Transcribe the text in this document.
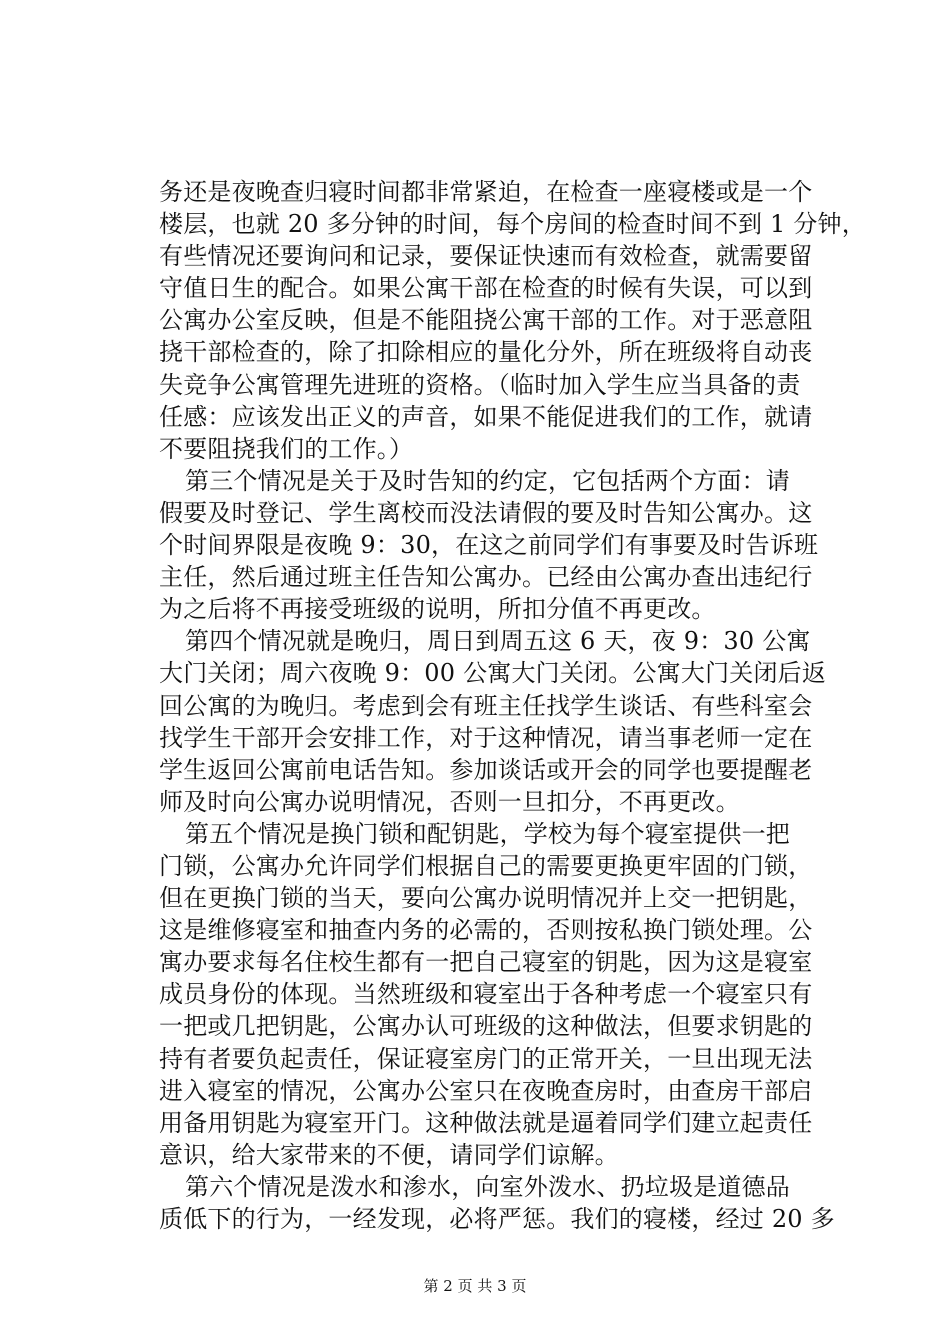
务还是夜晚查归寝时间都非常紧迫，在检查一座寝楼或是一个
楼层，也就 20 多分钟的时间，每个房间的检查时间不到 1 分钟，
有些情况还要询问和记录，要保证快速而有效检查，就需要留
守值日生的配合。如果公寓干部在检查的时候有失误，可以到
公寓办公室反映，但是不能阻挠公寓干部的工作。对于恶意阻
挠干部检查的，除了扣除相应的量化分外，所在班级将自动丧
失竞争公寓管理先进班的资格。（临时加入学生应当具备的责
任感：应该发出正义的声音，如果不能促进我们的工作，就请
不要阻挠我们的工作。）
第三个情况是关于及时告知的约定，它包括两个方面：请
假要及时登记、学生离校而没法请假的要及时告知公寓办。这
个时间界限是夜晚 9：30，在这之前同学们有事要及时告诉班
主任，然后通过班主任告知公寓办。已经由公寓办查出违纪行
为之后将不再接受班级的说明，所扣分值不再更改。
第四个情况就是晚归，周日到周五这 6 天，夜 9：30 公寓
大门关闭；周六夜晚 9：00 公寓大门关闭。公寓大门关闭后返
回公寓的为晚归。考虑到会有班主任找学生谈话、有些科室会
找学生干部开会安排工作，对于这种情况，请当事老师一定在
学生返回公寓前电话告知。参加谈话或开会的同学也要提醒老
师及时向公寓办说明情况，否则一旦扣分，不再更改。
第五个情况是换门锁和配钥匙，学校为每个寝室提供一把
门锁，公寓办允许同学们根据自己的需要更换更牢固的门锁，
但在更换门锁的当天，要向公寓办说明情况并上交一把钥匙，
这是维修寝室和抽查内务的必需的，否则按私换门锁处理。公
寓办要求每名住校生都有一把自己寝室的钥匙，因为这是寝室
成员身份的体现。当然班级和寝室出于各种考虑一个寝室只有
一把或几把钥匙，公寓办认可班级的这种做法，但要求钥匙的
持有者要负起责任，保证寝室房门的正常开关，一旦出现无法
进入寝室的情况，公寓办公室只在夜晚查房时，由查房干部启
用备用钥匙为寝室开门。这种做法就是逼着同学们建立起责任
意识，给大家带来的不便，请同学们谅解。
第六个情况是泼水和渗水，向室外泼水、扔垃圾是道德品
质低下的行为，一经发现，必将严惩。我们的寝楼，经过 20 多
第 2 页 共 3 页
